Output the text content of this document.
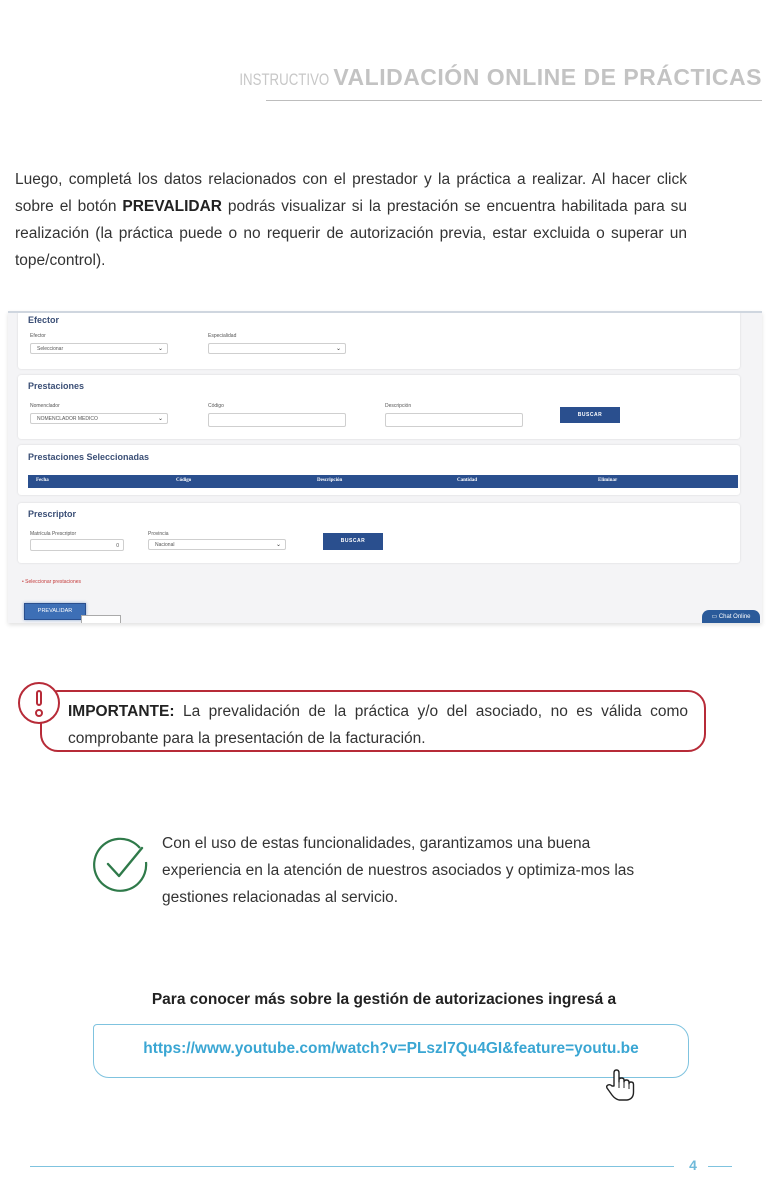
INSTRUCTIVO VALIDACIÓN ONLINE DE PRÁCTICAS
Luego, completá los datos relacionados con el prestador y la práctica a realizar. Al hacer click sobre el botón PREVALIDAR podrás visualizar si la prestación se encuentra habilitada para su realización (la práctica puede o no requerir de autorización previa, estar excluida o superar un tope/control).
Efector
Efector
Seleccionar	⌄
Especialidad
⌄
Prestaciones
Nomenclador
NOMENCLADOR MEDICO	⌄
Código	Descripción
BUSCAR
Prestaciones Seleccionadas
Fecha	Código	Descripción	Cantidad	Eliminar
Prescriptor
Matrícula Prescriptor
0
Provincia
Nacional	⌄
BUSCAR
• Seleccionar prestaciones
PREVALIDAR
▭ Chat Online
IMPORTANTE: La prevalidación de la práctica y/o del asociado, no es válida como comprobante para la presentación de la facturación.
Con el uso de estas funcionalidades, garantizamos una buena experiencia en la atención de nuestros asociados y optimiza-mos las gestiones relacionadas al servicio.
Para conocer más sobre la gestión de autorizaciones ingresá a
https://www.youtube.com/watch?v=PLszl7Qu4GI&feature=youtu.be
4
